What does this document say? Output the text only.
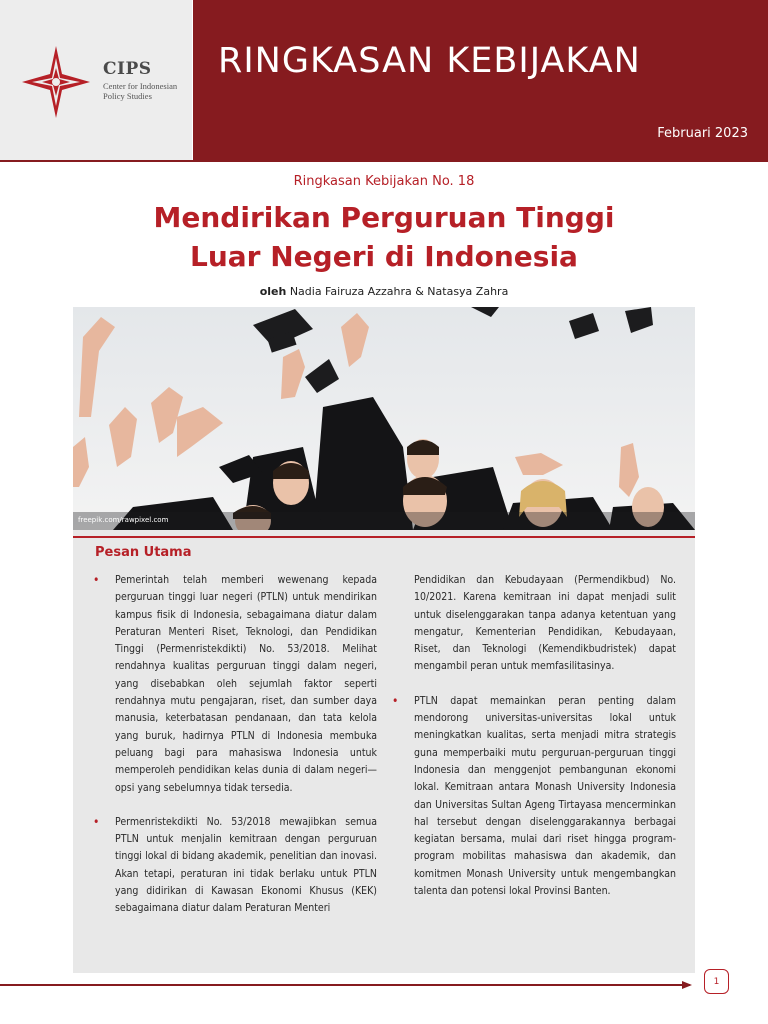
CIPS
Center for Indonesian Policy Studies
RINGKASAN KEBIJAKAN
Februari 2023
Ringkasan Kebijakan No. 18
Mendirikan Perguruan Tinggi
Luar Negeri di Indonesia
oleh Nadia Fairuza Azzahra & Natasya Zahra
freepik.com/rawpixel.com
Pesan Utama

• Pemerintah telah memberi wewenang kepada perguruan tinggi luar negeri (PTLN) untuk mendirikan kampus fisik di Indonesia, sebagaimana diatur dalam Peraturan Menteri Riset, Teknologi, dan Pendidikan Tinggi (Permenristekdikti) No. 53/2018. Melihat rendahnya kualitas perguruan tinggi dalam negeri, yang disebabkan oleh sejumlah faktor seperti rendahnya mutu pengajaran, riset, dan sumber daya manusia, keterbatasan pendanaan, dan tata kelola yang buruk, hadirnya PTLN di Indonesia membuka peluang bagi para mahasiswa Indonesia untuk memperoleh pendidikan kelas dunia di dalam negeri—opsi yang sebelumnya tidak tersedia.

• Permenristekdikti No. 53/2018 mewajibkan semua PTLN untuk menjalin kemitraan dengan perguruan tinggi lokal di bidang akademik, penelitian dan inovasi. Akan tetapi, peraturan ini tidak berlaku untuk PTLN yang didirikan di Kawasan Ekonomi Khusus (KEK) sebagaimana diatur dalam Peraturan Menteri

Pendidikan dan Kebudayaan (Permendikbud) No. 10/2021. Karena kemitraan ini dapat menjadi sulit untuk diselenggarakan tanpa adanya ketentuan yang mengatur, Kementerian Pendidikan, Kebudayaan, Riset, dan Teknologi (Kemendikbudristek) dapat mengambil peran untuk memfasilitasinya.

• PTLN dapat memainkan peran penting dalam mendorong universitas-universitas lokal untuk meningkatkan kualitas, serta menjadi mitra strategis guna memperbaiki mutu perguruan-perguruan tinggi Indonesia dan menggenjot pembangunan ekonomi lokal. Kemitraan antara Monash University Indonesia dan Universitas Sultan Ageng Tirtayasa mencerminkan hal tersebut dengan diselenggarakannya berbagai kegiatan bersama, mulai dari riset hingga program-program mobilitas mahasiswa dan akademik, dan komitmen Monash University untuk mengembangkan talenta dan potensi lokal Provinsi Banten.

1
